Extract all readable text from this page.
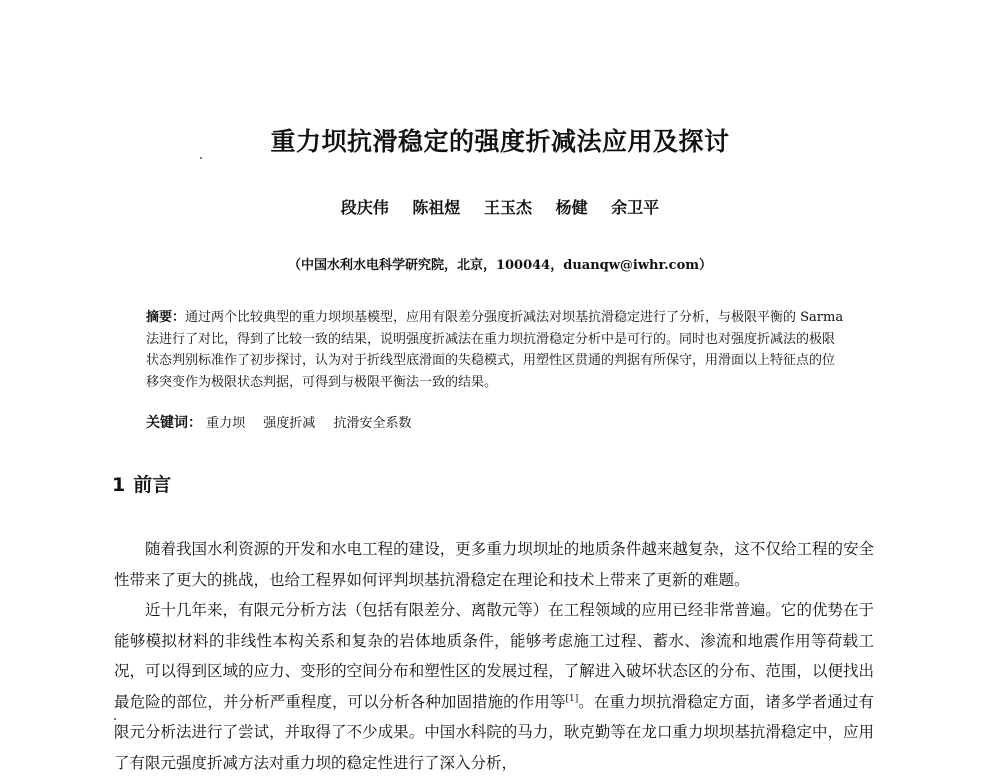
重力坝抗滑稳定的强度折减法应用及探讨
段庆伟 陈祖煜 王玉杰 杨健 余卫平
（中国水利水电科学研究院，北京，100044，duanqw@iwhr.com）
摘要：通过两个比较典型的重力坝坝基模型，应用有限差分强度折减法对坝基抗滑稳定进行了分析，与极限平衡的 Sarma 法进行了对比，得到了比较一致的结果，说明强度折减法在重力坝抗滑稳定分析中是可行的。同时也对强度折减法的极限状态判别标准作了初步探讨，认为对于折线型底滑面的失稳模式，用塑性区贯通的判据有所保守，用滑面以上特征点的位移突变作为极限状态判据，可得到与极限平衡法一致的结果。
关键词： 重力坝 强度折减 抗滑安全系数
1 前言

随着我国水利资源的开发和水电工程的建设，更多重力坝坝址的地质条件越来越复杂，这不仅给工程的安全性带来了更大的挑战，也给工程界如何评判坝基抗滑稳定在理论和技术上带来了更新的难题。

近十几年来，有限元分析方法（包括有限差分、离散元等）在工程领域的应用已经非常普遍。它的优势在于能够模拟材料的非线性本构关系和复杂的岩体地质条件，能够考虑施工过程、蓄水、渗流和地震作用等荷载工况，可以得到区域的应力、变形的空间分布和塑性区的发展过程，了解进入破坏状态区的分布、范围，以便找出最危险的部位，并分析严重程度，可以分析各种加固措施的作用等[1]。在重力坝抗滑稳定方面，诸多学者通过有限元分析法进行了尝试，并取得了不少成果。中国水科院的马力，耿克勤等在龙口重力坝坝基抗滑稳定中，应用了有限元强度折减方法对重力坝的稳定性进行了深入分析，
